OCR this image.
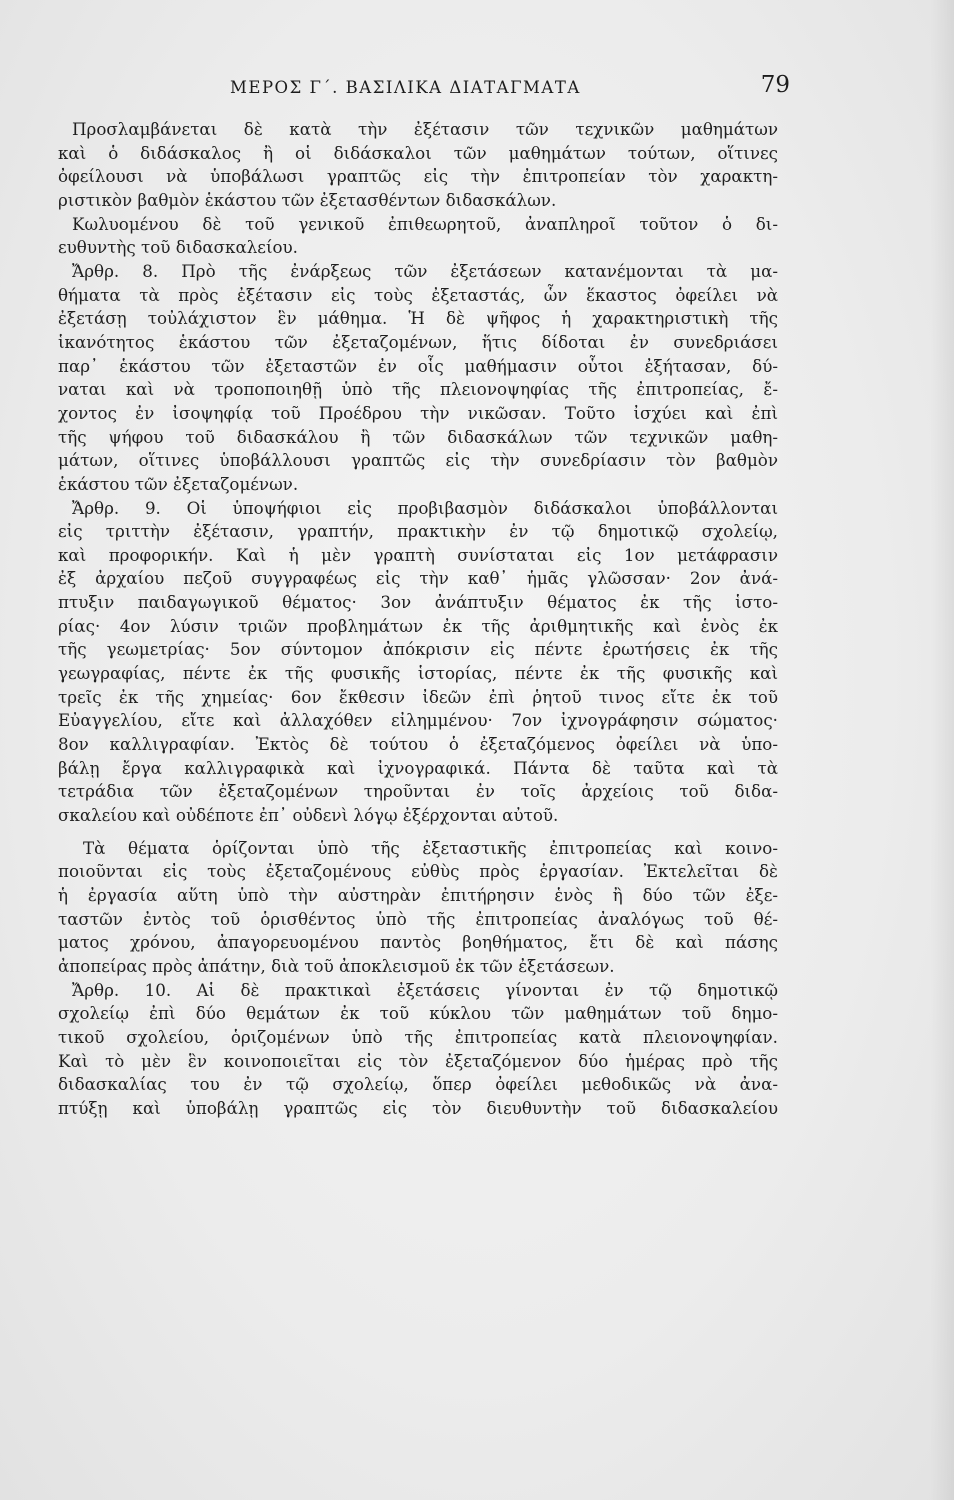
ΜΕΡΟΣ Γ΄. ΒΑΣΙΛΙΚΑ ΔΙΑΤΑΓΜΑΤΑ	79
Προσλαμβάνεται δὲ κατὰ τὴν ἐξέτασιν τῶν τεχνικῶν μαθημάτων
καὶ ὁ διδάσκαλος ἢ οἱ διδάσκαλοι τῶν μαθημάτων τούτων, οἵτινες
ὀφείλουσι νὰ ὑποβάλωσι γραπτῶς εἰς τὴν ἐπιτροπείαν τὸν χαρακτη-
ριστικὸν βαθμὸν ἑκάστου τῶν ἐξετασθέντων διδασκάλων.
Κωλυομένου δὲ τοῦ γενικοῦ ἐπιθεωρητοῦ, ἀναπληροῖ τοῦτον ὁ δι-
ευθυντὴς τοῦ διδασκαλείου.
Ἄρθρ. 8. Πρὸ τῆς ἐνάρξεως τῶν ἐξετάσεων κατανέμονται τὰ μα-
θήματα τὰ πρὸς ἐξέτασιν εἰς τοὺς ἐξεταστάς, ὧν ἕκαστος ὀφείλει νὰ
ἐξετάσῃ τοὐλάχιστον ἓν μάθημα. Ἡ δὲ ψῆφος ἡ χαρακτηριστικὴ τῆς
ἱκανότητος ἑκάστου τῶν ἐξεταζομένων, ἥτις δίδοται ἐν συνεδριάσει
παρ᾽ ἑκάστου τῶν ἐξεταστῶν ἐν οἷς μαθήμασιν οὗτοι ἐξήτασαν, δύ-
ναται καὶ νὰ τροποποιηθῇ ὑπὸ τῆς πλειονοψηφίας τῆς ἐπιτροπείας, ἔ-
χοντος ἐν ἰσοψηφίᾳ τοῦ Προέδρου τὴν νικῶσαν. Τοῦτο ἰσχύει καὶ ἐπὶ
τῆς ψήφου τοῦ διδασκάλου ἢ τῶν διδασκάλων τῶν τεχνικῶν μαθη-
μάτων, οἵτινες ὑποβάλλουσι γραπτῶς εἰς τὴν συνεδρίασιν τὸν βαθμὸν
ἑκάστου τῶν ἐξεταζομένων.
Ἄρθρ. 9. Οἱ ὑποψήφιοι εἰς προβιβασμὸν διδάσκαλοι ὑποβάλλονται
εἰς τριττὴν ἐξέτασιν, γραπτήν, πρακτικὴν ἐν τῷ δημοτικῷ σχολείῳ,
καὶ προφορικήν. Καὶ ἡ μὲν γραπτὴ συνίσταται εἰς 1ον μετάφρασιν
ἐξ ἀρχαίου πεζοῦ συγγραφέως εἰς τὴν καθ᾽ ἡμᾶς γλῶσσαν· 2ον ἀνά-
πτυξιν παιδαγωγικοῦ θέματος· 3ον ἀνάπτυξιν θέματος ἐκ τῆς ἱστο-
ρίας· 4ον λύσιν τριῶν προβλημάτων ἐκ τῆς ἀριθμητικῆς καὶ ἑνὸς ἐκ
τῆς γεωμετρίας· 5ον σύντομον ἀπόκρισιν εἰς πέντε ἐρωτήσεις ἐκ τῆς
γεωγραφίας, πέντε ἐκ τῆς φυσικῆς ἱστορίας, πέντε ἐκ τῆς φυσικῆς καὶ
τρεῖς ἐκ τῆς χημείας· 6ον ἔκθεσιν ἰδεῶν ἐπὶ ῥητοῦ τινος εἴτε ἐκ τοῦ
Εὐαγγελίου, εἴτε καὶ ἀλλαχόθεν εἰλημμένου· 7ον ἰχνογράφησιν σώματος·
8ον καλλιγραφίαν. Ἐκτὸς δὲ τούτου ὁ ἐξεταζόμενος ὀφείλει νὰ ὑπο-
βάλῃ ἔργα καλλιγραφικὰ καὶ ἰχνογραφικά. Πάντα δὲ ταῦτα καὶ τὰ
τετράδια τῶν ἐξεταζομένων τηροῦνται ἐν τοῖς ἀρχείοις τοῦ διδα-
σκαλείου καὶ οὐδέποτε ἐπ᾽ οὐδενὶ λόγῳ ἐξέρχονται αὐτοῦ.
Τὰ θέματα ὁρίζονται ὑπὸ τῆς ἐξεταστικῆς ἐπιτροπείας καὶ κοινο-
ποιοῦνται εἰς τοὺς ἐξεταζομένους εὐθὺς πρὸς ἐργασίαν. Ἐκτελεῖται δὲ
ἡ ἐργασία αὕτη ὑπὸ τὴν αὐστηρὰν ἐπιτήρησιν ἑνὸς ἢ δύο τῶν ἐξε-
ταστῶν ἐντὸς τοῦ ὁρισθέντος ὑπὸ τῆς ἐπιτροπείας ἀναλόγως τοῦ θέ-
ματος χρόνου, ἀπαγορευομένου παντὸς βοηθήματος, ἔτι δὲ καὶ πάσης
ἀποπείρας πρὸς ἀπάτην, διὰ τοῦ ἀποκλεισμοῦ ἐκ τῶν ἐξετάσεων.
Ἄρθρ. 10. Αἱ δὲ πρακτικαὶ ἐξετάσεις γίνονται ἐν τῷ δημοτικῷ
σχολείῳ ἐπὶ δύο θεμάτων ἐκ τοῦ κύκλου τῶν μαθημάτων τοῦ δημο-
τικοῦ σχολείου, ὁριζομένων ὑπὸ τῆς ἐπιτροπείας κατὰ πλειονοψηφίαν.
Καὶ τὸ μὲν ἓν κοινοποιεῖται εἰς τὸν ἐξεταζόμενον δύο ἡμέρας πρὸ τῆς
διδασκαλίας του ἐν τῷ σχολείῳ, ὅπερ ὀφείλει μεθοδικῶς νὰ ἀνα-
πτύξῃ καὶ ὑποβάλῃ γραπτῶς εἰς τὸν διευθυντὴν τοῦ διδασκαλείου
